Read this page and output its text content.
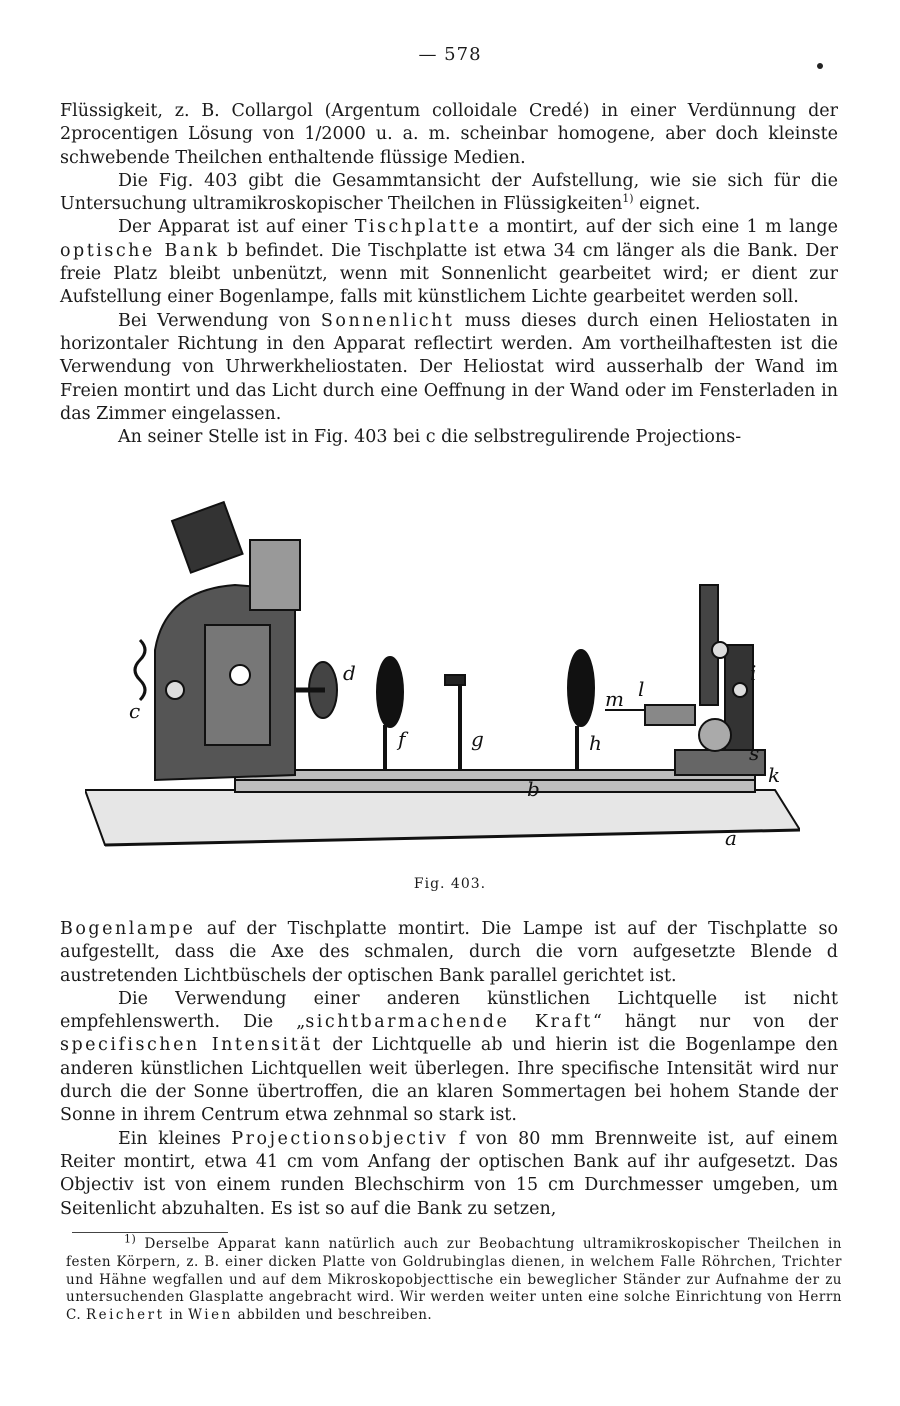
— 578

Flüssigkeit, z. B. Collargol (Argentum colloidale Credé) in einer Verdünnung der 2procentigen Lösung von 1/2000 u. a. m. scheinbar homogene, aber doch kleinste schwebende Theilchen enthaltende flüssige Medien.

Die Fig. 403 gibt die Gesammtansicht der Aufstellung, wie sie sich für die Untersuchung ultramikroskopischer Theilchen in Flüssigkeiten$^{1)}$ eignet.

Der Apparat ist auf einer Tischplatte a montirt, auf der sich eine 1 m lange optische Bank b befindet. Die Tischplatte ist etwa 34 cm länger als die Bank. Der freie Platz bleibt unbenützt, wenn mit Sonnenlicht gearbeitet wird; er dient zur Aufstellung einer Bogenlampe, falls mit künstlichem Lichte gearbeitet werden soll.

Bei Verwendung von Sonnenlicht muss dieses durch einen Heliostaten in horizontaler Richtung in den Apparat reflectirt werden. Am vortheilhaftesten ist die Verwendung von Uhrwerkheliostaten. Der Heliostat wird ausserhalb der Wand im Freien montirt und das Licht durch eine Oeffnung in der Wand oder im Fensterladen in das Zimmer eingelassen.

An seiner Stelle ist in Fig. 403 bei c die selbstregulirende Projections-

a
b
c
d
f	g	h
i
k
l
m
s
Fig. 403.

Bogenlampe auf der Tischplatte montirt. Die Lampe ist auf der Tischplatte so aufgestellt, dass die Axe des schmalen, durch die vorn aufgesetzte Blende d austretenden Lichtbüschels der optischen Bank parallel gerichtet ist.

Die Verwendung einer anderen künstlichen Lichtquelle ist nicht empfehlenswerth. Die „sichtbarmachende Kraft“ hängt nur von der specifischen Intensität der Lichtquelle ab und hierin ist die Bogenlampe den anderen künstlichen Lichtquellen weit überlegen. Ihre specifische Intensität wird nur durch die der Sonne übertroffen, die an klaren Sommertagen bei hohem Stande der Sonne in ihrem Centrum etwa zehnmal so stark ist.

Ein kleines Projectionsobjectiv f von 80 mm Brennweite ist, auf einem Reiter montirt, etwa 41 cm vom Anfang der optischen Bank auf ihr aufgesetzt. Das Objectiv ist von einem runden Blechschirm von 15 cm Durchmesser umgeben, um Seitenlicht abzuhalten. Es ist so auf die Bank zu setzen,

$^{1)}$ Derselbe Apparat kann natürlich auch zur Beobachtung ultramikroskopischer Theilchen in festen Körpern, z. B. einer dicken Platte von Goldrubinglas dienen, in welchem Falle Röhrchen, Trichter und Hähne wegfallen und auf dem Mikroskopobjecttische ein beweglicher Ständer zur Aufnahme der zu untersuchenden Glasplatte angebracht wird. Wir werden weiter unten eine solche Einrichtung von Herrn C. Reichert in Wien abbilden und beschreiben.
